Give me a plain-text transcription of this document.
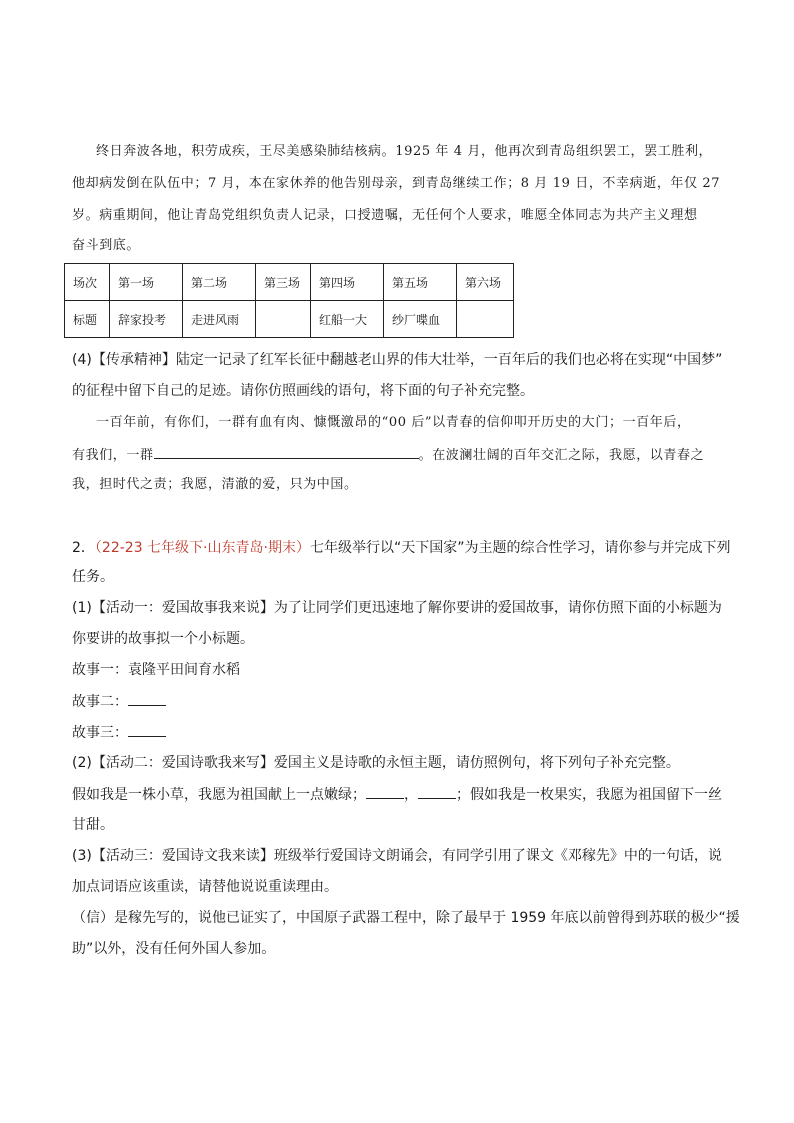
终日奔波各地，积劳成疾，王尽美感染肺结核病。1925 年 4 月，他再次到青岛组织罢工，罢工胜利，
他却病发倒在队伍中；7 月，本在家休养的他告别母亲，到青岛继续工作；8 月 19 日，不幸病逝，年仅 27
岁。病重期间，他让青岛党组织负责人记录，口授遗嘱，无任何个人要求，唯愿全体同志为共产主义理想
奋斗到底。
场次	第一场	第二场	第三场	第四场	第五场	第六场
标题	辞家投考	走进风雨		红船一大	纱厂喋血	
(4)【传承精神】陆定一记录了红军长征中翻越老山界的伟大壮举，一百年后的我们也必将在实现“中国梦”
的征程中留下自己的足迹。请你仿照画线的语句，将下面的句子补充完整。
一百年前，有你们，一群有血有肉、慷慨激昂的“00 后”以青春的信仰叩开历史的大门；一百年后，
有我们，一群	。在波澜壮阔的百年交汇之际，我愿，以青春之
我，担时代之责；我愿，清澈的爱，只为中国。
2．（22-23 七年级下·山东青岛·期末）七年级举行以“天下国家”为主题的综合性学习，请你参与并完成下列
任务。
(1)【活动一：爱国故事我来说】为了让同学们更迅速地了解你要讲的爱国故事，请你仿照下面的小标题为
你要讲的故事拟一个小标题。
故事一：袁隆平田间育水稻
故事二：
故事三：
(2)【活动二：爱国诗歌我来写】爱国主义是诗歌的永恒主题，请仿照例句，将下列句子补充完整。
假如我是一株小草，我愿为祖国献上一点嫩绿；	，	；假如我是一枚果实，我愿为祖国留下一丝
甘甜。
(3)【活动三：爱国诗文我来读】班级举行爱国诗文朗诵会，有同学引用了课文《邓稼先》中的一句话，说
加点词语应该重读，请替他说说重读理由。
（信）是稼先写的，说他已证实了，中国原子武器工程中，除了最早于 1959 年底以前曾得到苏联的极少“援
助”以外，没有任何外国人参加。
